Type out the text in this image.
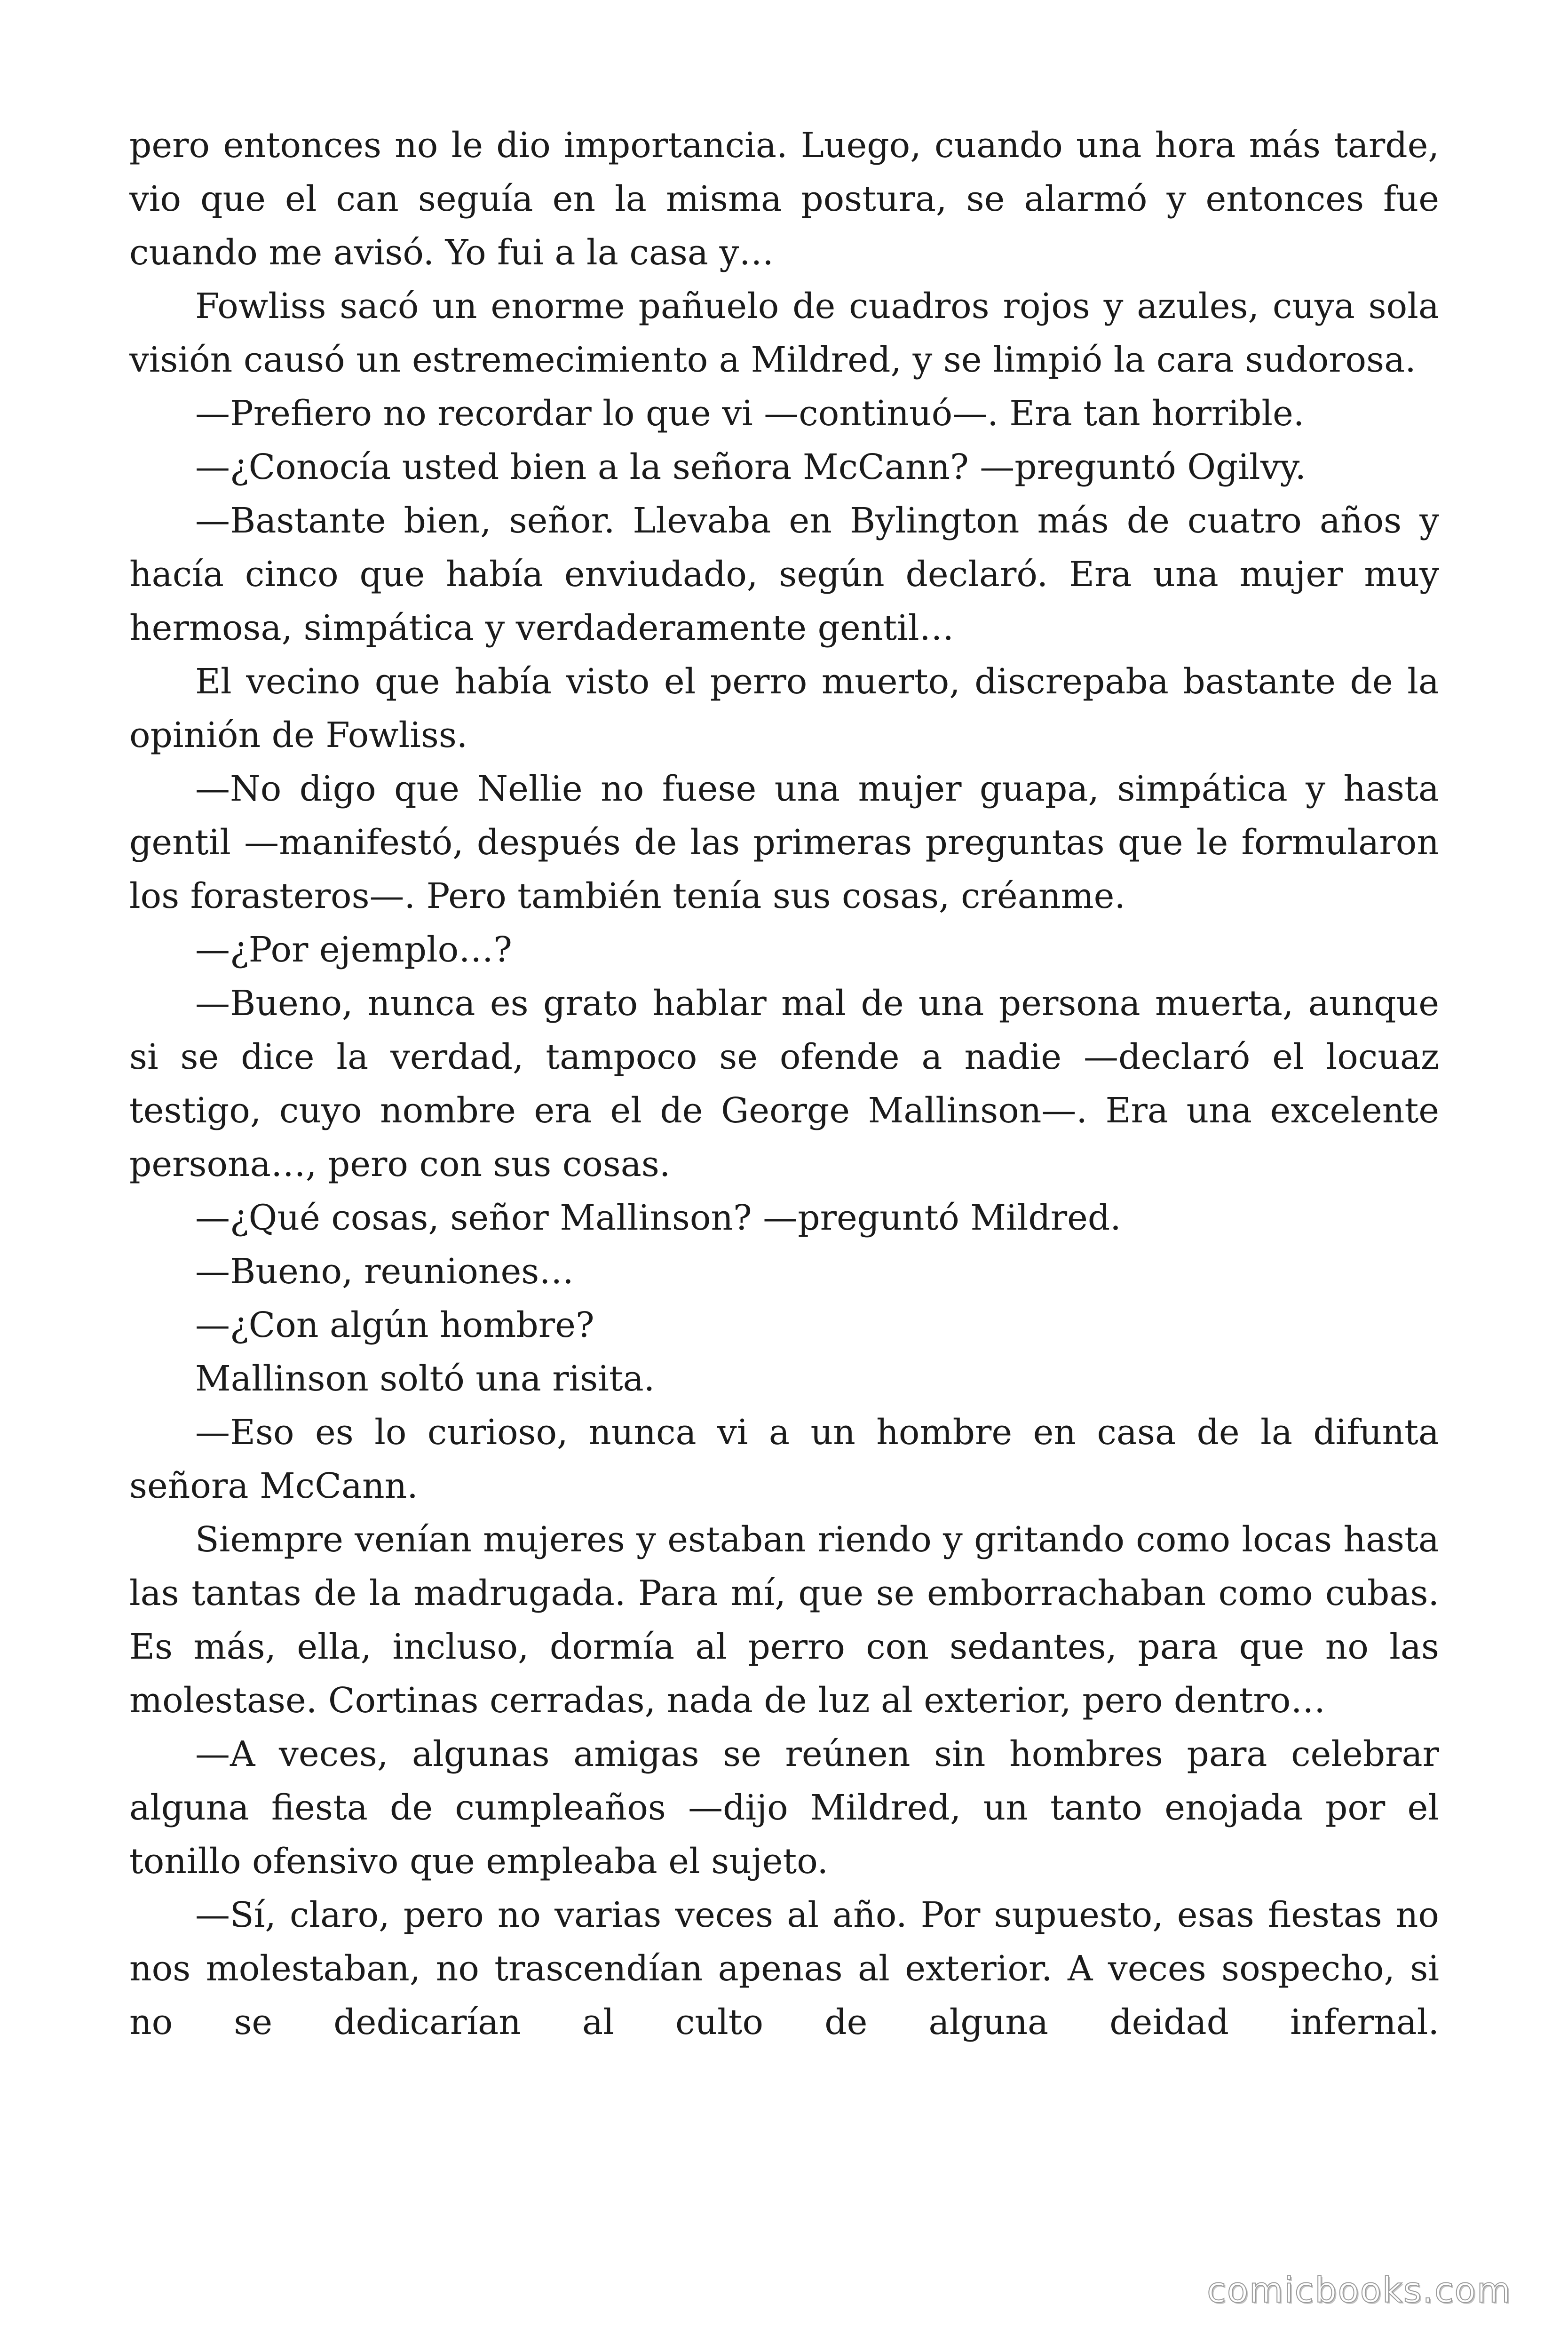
pero entonces no le dio importancia. Luego, cuando una hora más tarde, vio que el can seguía en la misma postura, se alarmó y entonces fue cuando me avisó. Yo fui a la casa y…

Fowliss sacó un enorme pañuelo de cuadros rojos y azules, cuya sola visión causó un estremecimiento a Mildred, y se limpió la cara sudorosa.

—Prefiero no recordar lo que vi —continuó—. Era tan horrible.

—¿Conocía usted bien a la señora McCann? —preguntó Ogilvy.

—Bastante bien, señor. Llevaba en Bylington más de cuatro años y hacía cinco que había enviudado, según declaró. Era una mujer muy hermosa, simpática y verdaderamente gentil…

El vecino que había visto el perro muerto, discrepaba bastante de la opinión de Fowliss.

—No digo que Nellie no fuese una mujer guapa, simpática y hasta gentil —manifestó, después de las primeras preguntas que le formularon los forasteros—. Pero también tenía sus cosas, créanme.

—¿Por ejemplo…?

—Bueno, nunca es grato hablar mal de una persona muerta, aunque si se dice la verdad, tampoco se ofende a nadie —declaró el locuaz testigo, cuyo nombre era el de George Mallinson—. Era una excelente persona…, pero con sus cosas.

—¿Qué cosas, señor Mallinson? —preguntó Mildred.

—Bueno, reuniones…

—¿Con algún hombre?

Mallinson soltó una risita.

—Eso es lo curioso, nunca vi a un hombre en casa de la difunta señora McCann.

Siempre venían mujeres y estaban riendo y gritando como locas hasta las tantas de la madrugada. Para mí, que se emborrachaban como cubas. Es más, ella, incluso, dormía al perro con sedantes, para que no las molestase. Cortinas cerradas, nada de luz al exterior, pero dentro…

—A veces, algunas amigas se reúnen sin hombres para celebrar alguna fiesta de cumpleaños —dijo Mildred, un tanto enojada por el tonillo ofensivo que empleaba el sujeto.

—Sí, claro, pero no varias veces al año. Por supuesto, esas fiestas no nos molestaban, no trascendían apenas al exterior. A veces sospecho, si no se dedicarían al culto de alguna deidad infernal.

comicbooks.com
